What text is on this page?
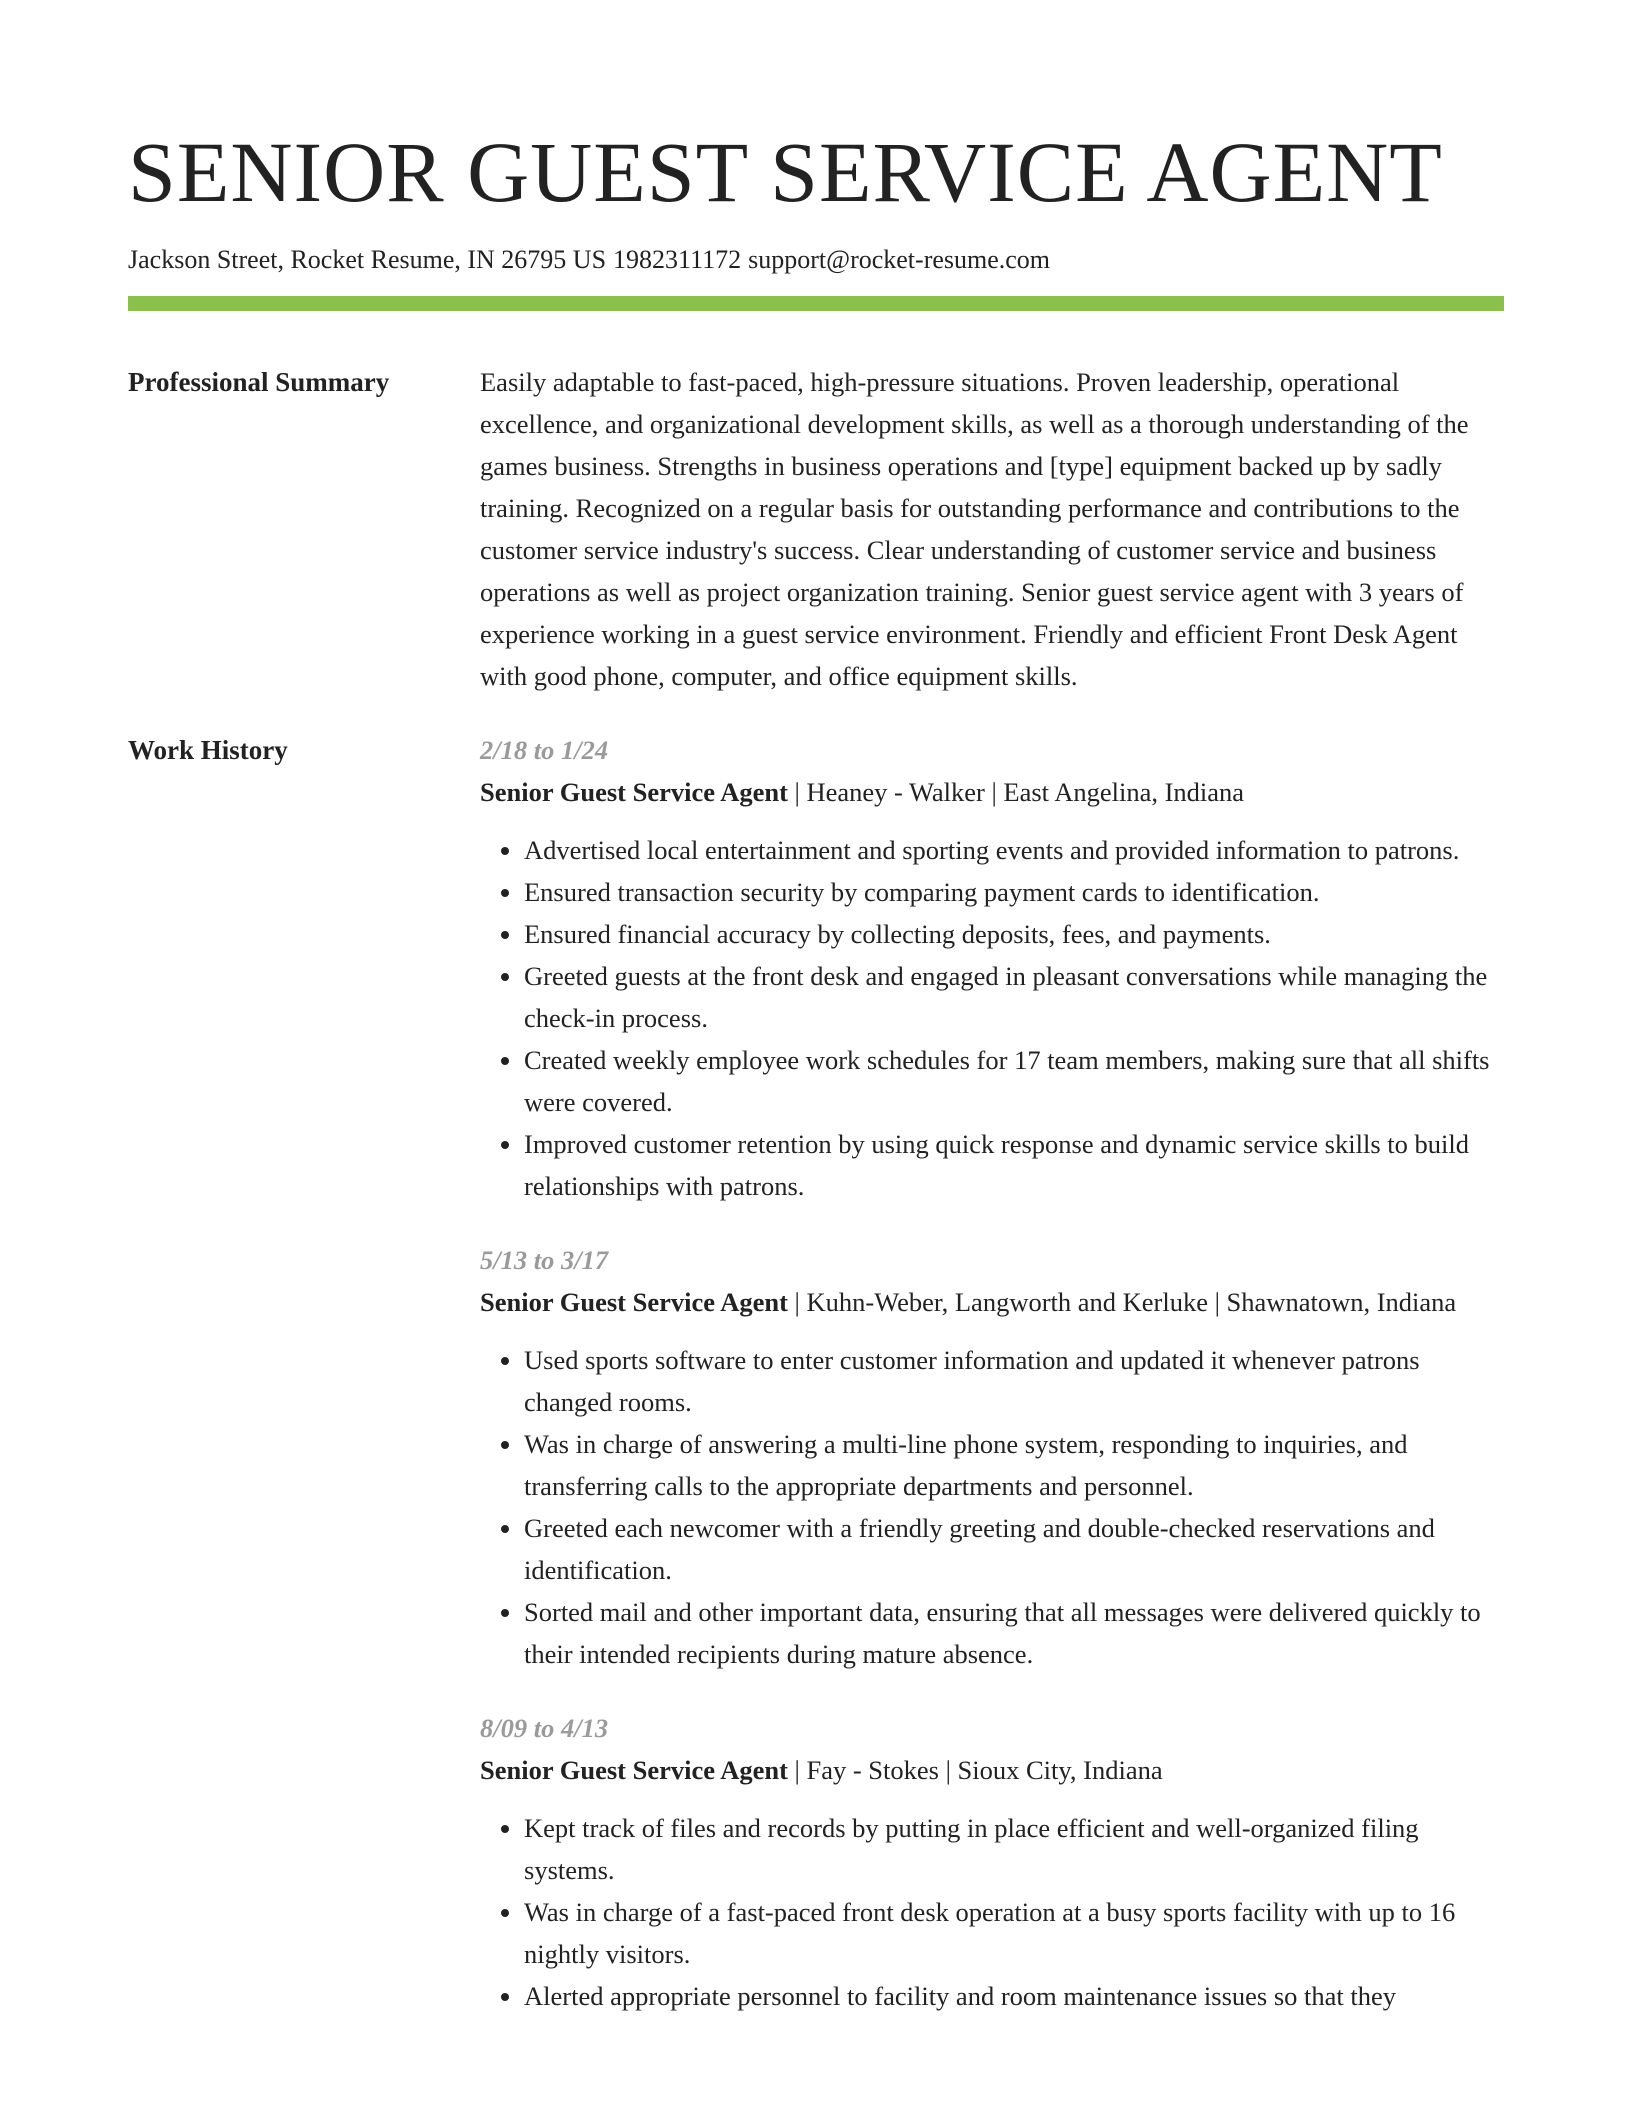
SENIOR GUEST SERVICE AGENT
Jackson Street, Rocket Resume, IN 26795 US 1982311172 support@rocket-resume.com
Professional Summary	Easily adaptable to fast-paced, high-pressure situations. Proven leadership, operational excellence, and organizational development skills, as well as a thorough understanding of the games business. Strengths in business operations and [type] equipment backed up by sadly training. Recognized on a regular basis for outstanding performance and contributions to the customer service industry's success. Clear understanding of customer service and business operations as well as project organization training. Senior guest service agent with 3 years of experience working in a guest service environment. Friendly and efficient Front Desk Agent with good phone, computer, and office equipment skills.

Work History	2/18 to 1/24
Senior Guest Service Agent | Heaney - Walker | East Angelina, Indiana
• Advertised local entertainment and sporting events and provided information to patrons.
• Ensured transaction security by comparing payment cards to identification.
• Ensured financial accuracy by collecting deposits, fees, and payments.
• Greeted guests at the front desk and engaged in pleasant conversations while managing the check-in process.
• Created weekly employee work schedules for 17 team members, making sure that all shifts were covered.
• Improved customer retention by using quick response and dynamic service skills to build relationships with patrons.
5/13 to 3/17
Senior Guest Service Agent | Kuhn-Weber, Langworth and Kerluke | Shawnatown, Indiana
• Used sports software to enter customer information and updated it whenever patrons changed rooms.
• Was in charge of answering a multi-line phone system, responding to inquiries, and transferring calls to the appropriate departments and personnel.
• Greeted each newcomer with a friendly greeting and double-checked reservations and identification.
• Sorted mail and other important data, ensuring that all messages were delivered quickly to their intended recipients during mature absence.
8/09 to 4/13
Senior Guest Service Agent | Fay - Stokes | Sioux City, Indiana
• Kept track of files and records by putting in place efficient and well-organized filing systems.
• Was in charge of a fast-paced front desk operation at a busy sports facility with up to 16 nightly visitors.
• Alerted appropriate personnel to facility and room maintenance issues so that they
